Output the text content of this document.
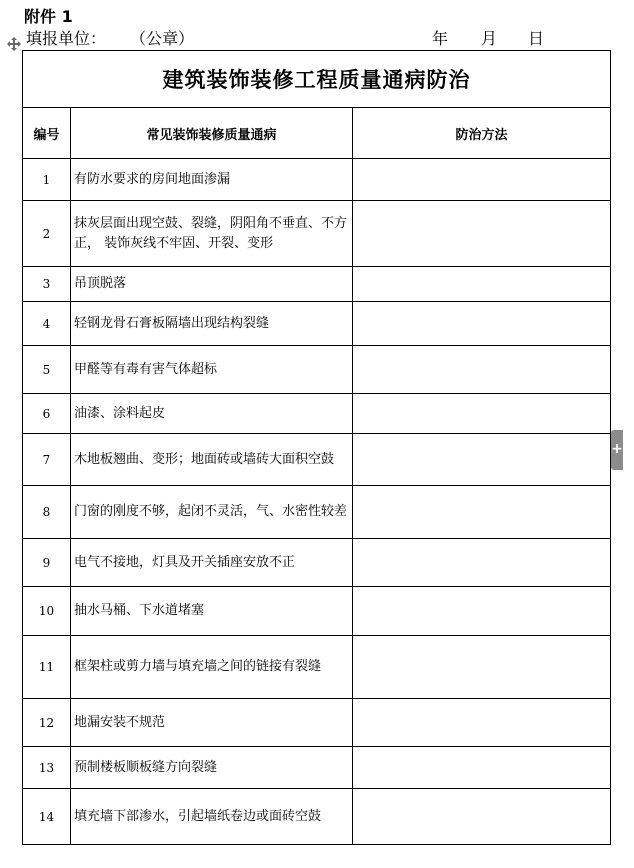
附件 1
填报单位： （公章）	年 月 日
建筑装饰装修工程质量通病防治		
编号	常见装饰装修质量通病	防治方法
1	有防水要求的房间地面渗漏	
2	抹灰层面出现空鼓、裂缝，阴阳角不垂直、不方正， 装饰灰线不牢固、开裂、变形	
3	吊顶脱落	
4	轻钢龙骨石膏板隔墙出现结构裂缝	
5	甲醛等有毒有害气体超标	
6	油漆、涂料起皮	
7	木地板翘曲、变形；地面砖或墙砖大面积空鼓	
8	门窗的刚度不够，起闭不灵活，气、水密性较差	
9	电气不接地，灯具及开关插座安放不正	
10	抽水马桶、下水道堵塞	
11	框架柱或剪力墙与填充墙之间的链接有裂缝	
12	地漏安装不规范	
13	预制楼板顺板缝方向裂缝	
14	填充墙下部渗水，引起墙纸卷边或面砖空鼓	
+
